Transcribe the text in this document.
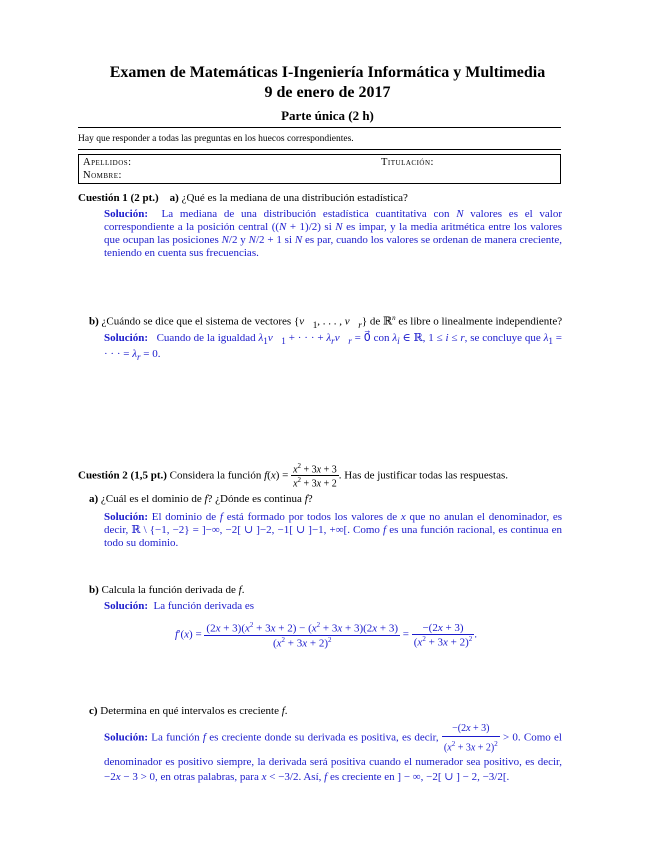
Examen de Matemáticas I-Ingeniería Informática y Multimedia
9 de enero de 2017
Parte única (2 h)
Hay que responder a todas las preguntas en los huecos correspondientes.
Apellidos:	Titulación:
Nombre:
Cuestión 1 (2 pt.) a) ¿Qué es la mediana de una distribución estadística?
Solución:  La mediana de una distribución estadística cuantitativa con N valores es el valor correspondiente a la posición central ((N + 1)/2) si N es impar, y la media aritmética entre los valores que ocupan las posiciones N/2 y N/2 + 1 si N es par, cuando los valores se ordenan de manera creciente, teniendo en cuenta sus frecuencias.
b) ¿Cuándo se dice que el sistema de vectores {$v⃗_1$, . . . , $v⃗_r$} de ℝ$^n$ es libre o linealmente independiente?
Solución:   Cuando de la igualdad $\lambda_1v⃗_1$ + · · · + $\lambda_rv⃗_r$ = 0⃗ con $\lambda_i$ ∈ ℝ, 1 ≤ i ≤ r, se concluye que $\lambda_1$ = · · · = $\lambda_r = 0$.
Cuestión 2 (1,5 pt.) Considera la función $f(x) = \frac{x^2 + 3x + 3}{x^2 + 3x + 2}$ . Has de justificar todas las respuestas.
a) ¿Cuál es el dominio de f? ¿Dónde es continua f?
Solución: El dominio de f está formado por todos los valores de x que no anulan el denominador, es decir, ℝ \ {−1, −2} = ]−∞, −2[ ∪ ]−2, −1[ ∪ ]−1, +∞[. Como f es una función racional, es continua en todo su dominio.
b) Calcula la función derivada de f.
Solución: La función derivada es
$f'(x) = \frac{(2x + 3)(x^2 + 3x + 2) - (x^2 + 3x + 3)(2x + 3)}{(x^2 + 3x + 2)^2} = \frac{-(2x + 3)}{(x^2 + 3x + 2)^2}$ .
c) Determina en qué intervalos es creciente f.
Solución: La función f es creciente donde su derivada es positiva, es decir, $\frac{-(2x + 3)}{(x^2 + 3x + 2)^2} > 0$. Como el denominador es positivo siempre, la derivada será positiva cuando el numerador sea positivo, es decir, −2x − 3 > 0, en otras palabras, para x < −3/2. Así, f es creciente en ] − ∞, −2[ ∪ ] − 2, −3/2[.
